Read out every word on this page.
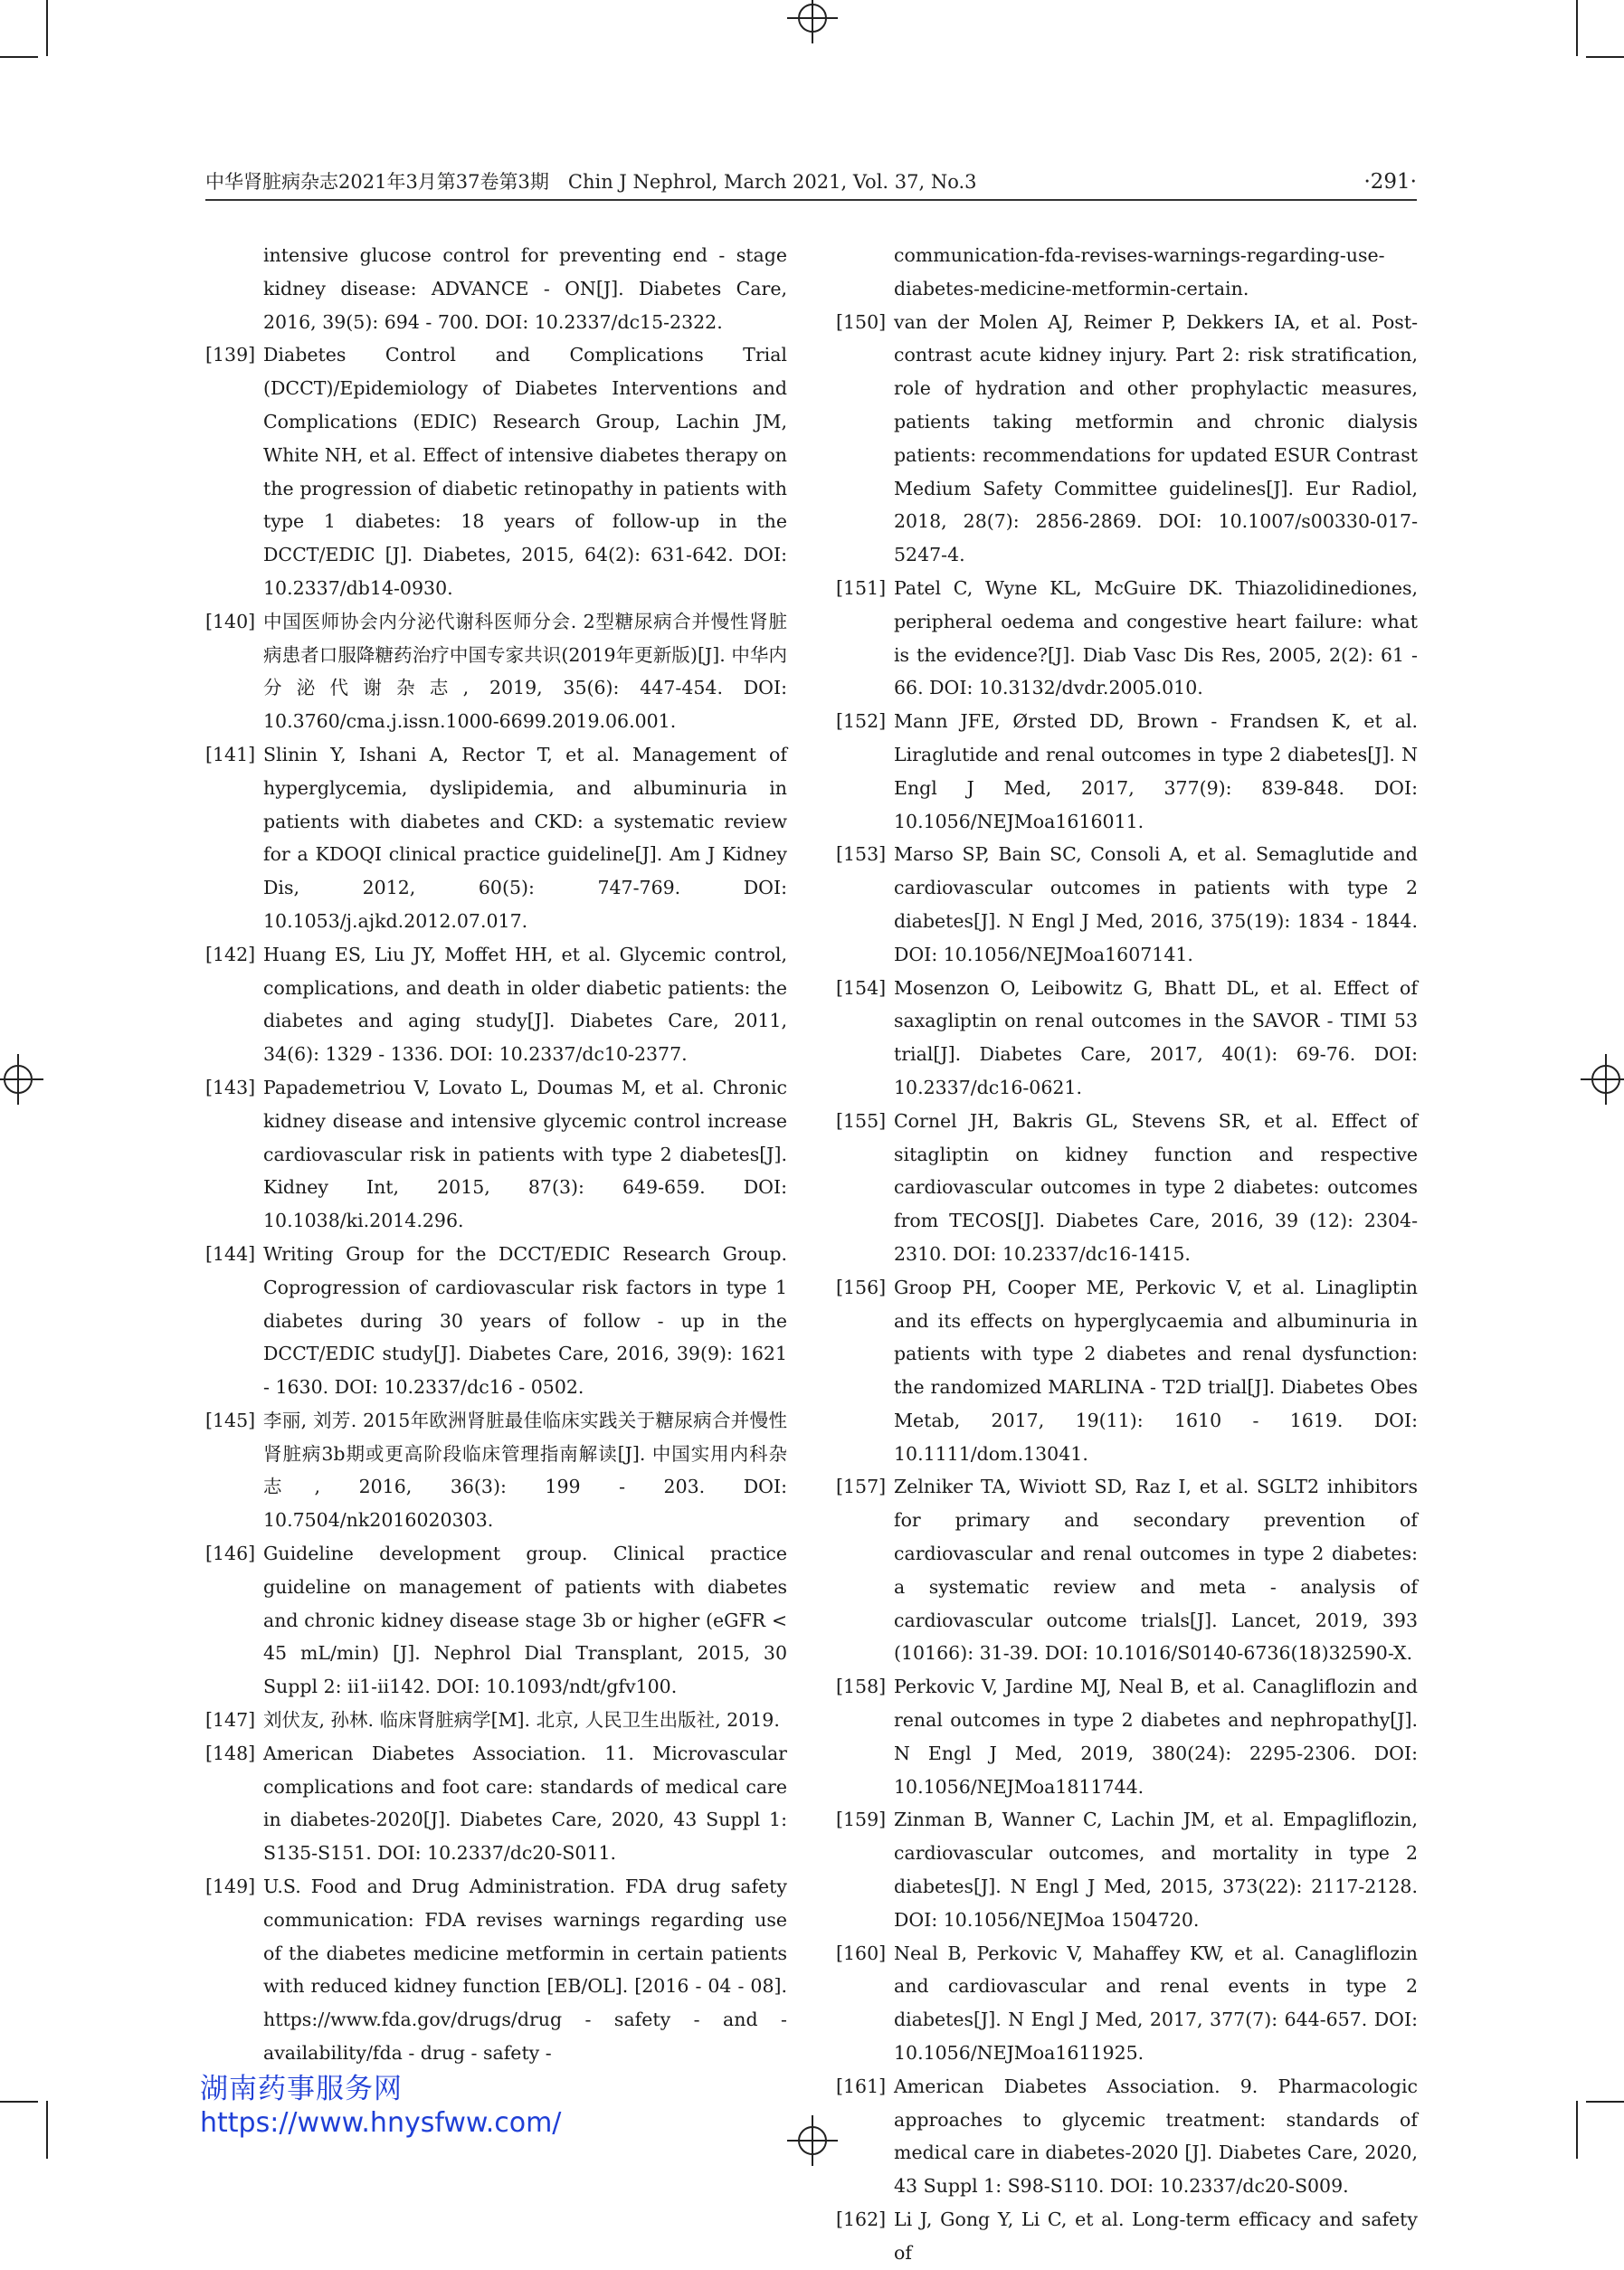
中华肾脏病杂志2021年3月第37卷第3期　Chin J Nephrol, March 2021, Vol. 37, No.3	·291·
intensive glucose control for preventing end - stage kidney disease: ADVANCE - ON[J]. Diabetes Care, 2016, 39(5): 694 - 700. DOI: 10.2337/dc15-2322.
[139] Diabetes Control and Complications Trial (DCCT)/Epidemiology of Diabetes Interventions and Complications (EDIC) Research Group, Lachin JM, White NH, et al. Effect of intensive diabetes therapy on the progression of diabetic retinopathy in patients with type 1 diabetes: 18 years of follow-up in the DCCT/EDIC [J]. Diabetes, 2015, 64(2): 631-642. DOI: 10.2337/db14-0930.
[140] 中国医师协会内分泌代谢科医师分会. 2型糖尿病合并慢性肾脏病患者口服降糖药治疗中国专家共识(2019年更新版)[J]. 中华内分泌代谢杂志, 2019, 35(6): 447-454. DOI: 10.3760/cma.j.issn.1000-6699.2019.06.001.
[141] Slinin Y, Ishani A, Rector T, et al. Management of hyperglycemia, dyslipidemia, and albuminuria in patients with diabetes and CKD: a systematic review for a KDOQI clinical practice guideline[J]. Am J Kidney Dis, 2012, 60(5): 747-769. DOI: 10.1053/j.ajkd.2012.07.017.
[142] Huang ES, Liu JY, Moffet HH, et al. Glycemic control, complications, and death in older diabetic patients: the diabetes and aging study[J]. Diabetes Care, 2011, 34(6): 1329 - 1336. DOI: 10.2337/dc10-2377.
[143] Papademetriou V, Lovato L, Doumas M, et al. Chronic kidney disease and intensive glycemic control increase cardiovascular risk in patients with type 2 diabetes[J]. Kidney Int, 2015, 87(3): 649-659. DOI: 10.1038/ki.2014.296.
[144] Writing Group for the DCCT/EDIC Research Group. Coprogression of cardiovascular risk factors in type 1 diabetes during 30 years of follow - up in the DCCT/EDIC study[J]. Diabetes Care, 2016, 39(9): 1621 - 1630. DOI: 10.2337/dc16 - 0502.
[145] 李丽, 刘芳. 2015年欧洲肾脏最佳临床实践关于糖尿病合并慢性肾脏病3b期或更高阶段临床管理指南解读[J]. 中国实用内科杂志, 2016, 36(3): 199 - 203. DOI: 10.7504/nk2016020303.
[146] Guideline development group. Clinical practice guideline on management of patients with diabetes and chronic kidney disease stage 3b or higher (eGFR < 45 mL/min) [J]. Nephrol Dial Transplant, 2015, 30 Suppl 2: ii1-ii142. DOI: 10.1093/ndt/gfv100.
[147] 刘伏友, 孙林. 临床肾脏病学[M]. 北京, 人民卫生出版社, 2019.
[148] American Diabetes Association. 11. Microvascular complications and foot care: standards of medical care in diabetes-2020[J]. Diabetes Care, 2020, 43 Suppl 1: S135-S151. DOI: 10.2337/dc20-S011.
[149] U.S. Food and Drug Administration. FDA drug safety communication: FDA revises warnings regarding use of the diabetes medicine metformin in certain patients with reduced kidney function [EB/OL]. [2016 - 04 - 08]. https://www.fda.gov/drugs/drug - safety - and - availability/fda - drug - safety -
communication-fda-revises-warnings-regarding-use-diabetes-medicine-metformin-certain.
[150] van der Molen AJ, Reimer P, Dekkers IA, et al. Post-contrast acute kidney injury. Part 2: risk stratification, role of hydration and other prophylactic measures, patients taking metformin and chronic dialysis patients: recommendations for updated ESUR Contrast Medium Safety Committee guidelines[J]. Eur Radiol, 2018, 28(7): 2856-2869. DOI: 10.1007/s00330-017-5247-4.
[151] Patel C, Wyne KL, McGuire DK. Thiazolidinediones, peripheral oedema and congestive heart failure: what is the evidence?[J]. Diab Vasc Dis Res, 2005, 2(2): 61 - 66. DOI: 10.3132/dvdr.2005.010.
[152] Mann JFE, Ørsted DD, Brown - Frandsen K, et al. Liraglutide and renal outcomes in type 2 diabetes[J]. N Engl J Med, 2017, 377(9): 839-848. DOI: 10.1056/NEJMoa1616011.
[153] Marso SP, Bain SC, Consoli A, et al. Semaglutide and cardiovascular outcomes in patients with type 2 diabetes[J]. N Engl J Med, 2016, 375(19): 1834 - 1844. DOI: 10.1056/NEJMoa1607141.
[154] Mosenzon O, Leibowitz G, Bhatt DL, et al. Effect of saxagliptin on renal outcomes in the SAVOR - TIMI 53 trial[J]. Diabetes Care, 2017, 40(1): 69-76. DOI: 10.2337/dc16-0621.
[155] Cornel JH, Bakris GL, Stevens SR, et al. Effect of sitagliptin on kidney function and respective cardiovascular outcomes in type 2 diabetes: outcomes from TECOS[J]. Diabetes Care, 2016, 39 (12): 2304-2310. DOI: 10.2337/dc16-1415.
[156] Groop PH, Cooper ME, Perkovic V, et al. Linagliptin and its effects on hyperglycaemia and albuminuria in patients with type 2 diabetes and renal dysfunction: the randomized MARLINA - T2D trial[J]. Diabetes Obes Metab, 2017, 19(11): 1610 - 1619. DOI: 10.1111/dom.13041.
[157] Zelniker TA, Wiviott SD, Raz I, et al. SGLT2 inhibitors for primary and secondary prevention of cardiovascular and renal outcomes in type 2 diabetes: a systematic review and meta - analysis of cardiovascular outcome trials[J]. Lancet, 2019, 393 (10166): 31-39. DOI: 10.1016/S0140-6736(18)32590-X.
[158] Perkovic V, Jardine MJ, Neal B, et al. Canagliflozin and renal outcomes in type 2 diabetes and nephropathy[J]. N Engl J Med, 2019, 380(24): 2295-2306. DOI: 10.1056/NEJMoa1811744.
[159] Zinman B, Wanner C, Lachin JM, et al. Empagliflozin, cardiovascular outcomes, and mortality in type 2 diabetes[J]. N Engl J Med, 2015, 373(22): 2117-2128. DOI: 10.1056/NEJMoa 1504720.
[160] Neal B, Perkovic V, Mahaffey KW, et al. Canagliflozin and cardiovascular and renal events in type 2 diabetes[J]. N Engl J Med, 2017, 377(7): 644-657. DOI: 10.1056/NEJMoa1611925.
[161] American Diabetes Association. 9. Pharmacologic approaches to glycemic treatment: standards of medical care in diabetes-2020 [J]. Diabetes Care, 2020, 43 Suppl 1: S98-S110. DOI: 10.2337/dc20-S009.
[162] Li J, Gong Y, Li C, et al. Long-term efficacy and safety of
湖南药事服务网
https://www.hnysfww.com/
